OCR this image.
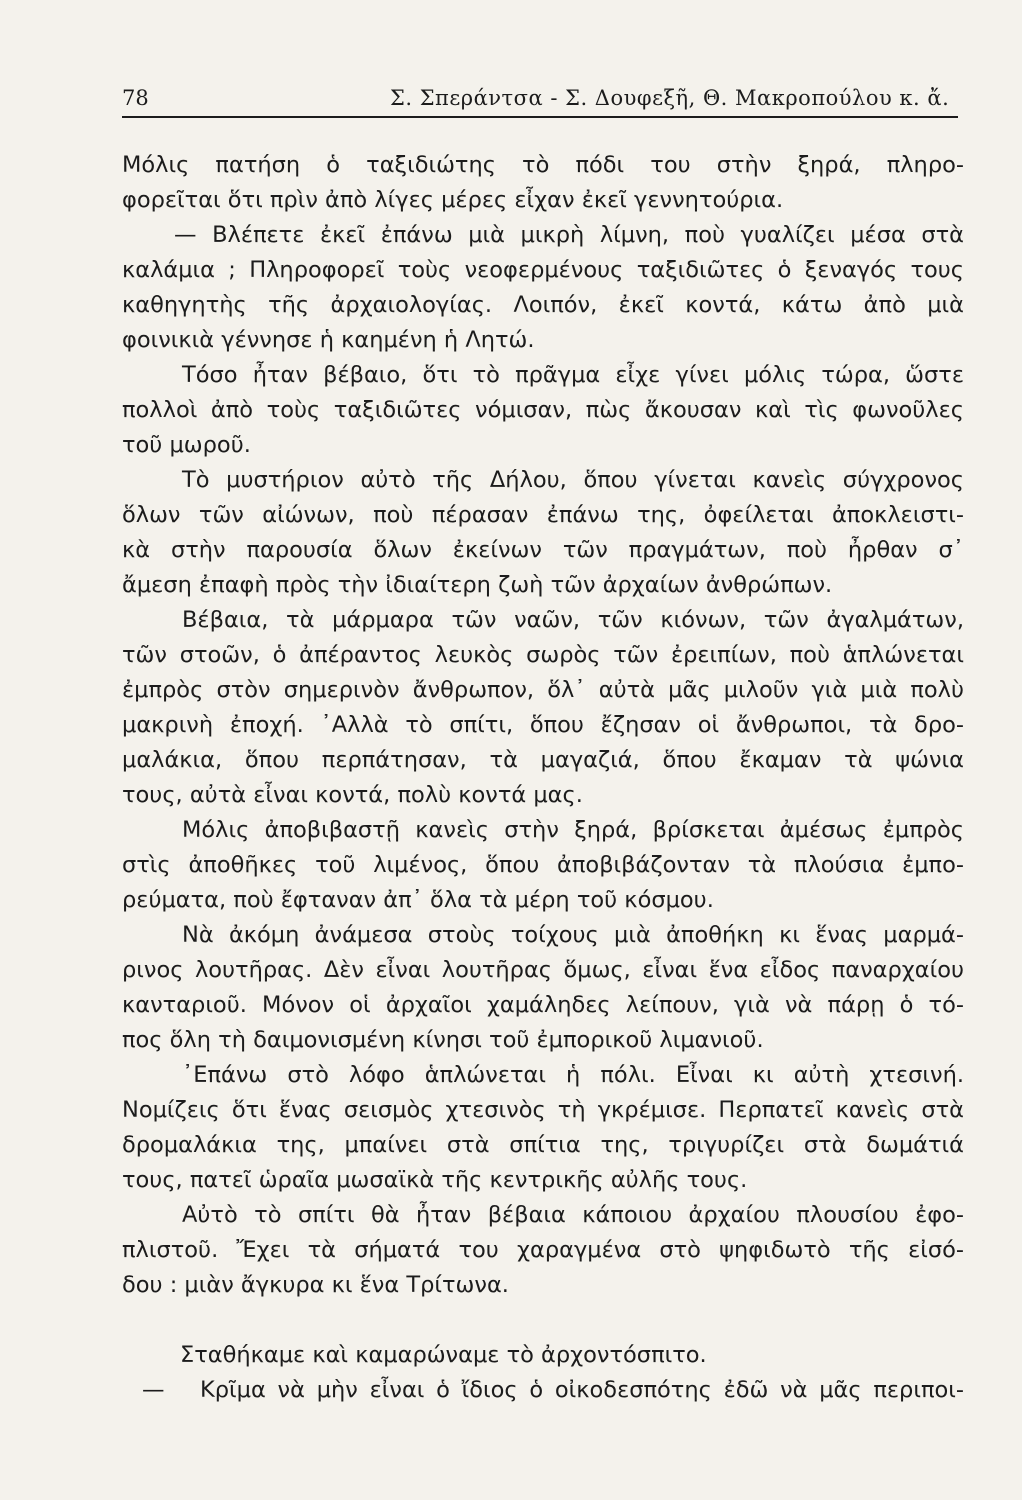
78	Σ. Σπεράντσα - Σ. Δουφεξῆ, Θ. Μακροπούλου κ. ἄ.
Μόλις πατήση ὁ ταξιδιώτης τὸ πόδι του στὴν ξηρά, πληρο-
φορεῖται ὅτι πρὶν ἀπὸ λίγες μέρες εἶχαν ἐκεῖ γεννητούρια.
— Βλέπετε ἐκεῖ ἐπάνω μιὰ μικρὴ λίμνη, ποὺ γυαλίζει μέσα στὰ
καλάμια ; Πληροφορεῖ τοὺς νεοφερμένους ταξιδιῶτες ὁ ξεναγός τους
καθηγητὴς τῆς ἀρχαιολογίας. Λοιπόν, ἐκεῖ κοντά, κάτω ἀπὸ μιὰ
φοινικιὰ γέννησε ἡ καημένη ἡ Λητώ.
Τόσο ἦταν βέβαιο, ὅτι τὸ πρᾶγμα εἶχε γίνει μόλις τώρα, ὥστε
πολλοὶ ἀπὸ τοὺς ταξιδιῶτες νόμισαν, πὼς ἄκουσαν καὶ τὶς φωνοῦλες
τοῦ μωροῦ.
Τὸ μυστήριον αὐτὸ τῆς Δήλου, ὅπου γίνεται κανεὶς σύγχρονος
ὅλων τῶν αἰώνων, ποὺ πέρασαν ἐπάνω της, ὀφείλεται ἀποκλειστι-
κὰ στὴν παρουσία ὅλων ἐκείνων τῶν πραγμάτων, ποὺ ἦρθαν σ᾿
ἄμεση ἐπαφὴ πρὸς τὴν ἰδιαίτερη ζωὴ τῶν ἀρχαίων ἀνθρώπων.
Βέβαια, τὰ μάρμαρα τῶν ναῶν, τῶν κιόνων, τῶν ἀγαλμάτων,
τῶν στοῶν, ὁ ἀπέραντος λευκὸς σωρὸς τῶν ἐρειπίων, ποὺ ἁπλώνεται
ἐμπρὸς στὸν σημερινὸν ἄνθρωπον, ὅλ᾿ αὐτὰ μᾶς μιλοῦν γιὰ μιὰ πολὺ
μακρινὴ ἐποχή. ᾿Αλλὰ τὸ σπίτι, ὅπου ἔζησαν οἱ ἄνθρωποι, τὰ δρο-
μαλάκια, ὅπου περπάτησαν, τὰ μαγαζιά, ὅπου ἔκαμαν τὰ ψώνια
τους, αὐτὰ εἶναι κοντά, πολὺ κοντά μας.
Μόλις ἀποβιβαστῇ κανεὶς στὴν ξηρά, βρίσκεται ἀμέσως ἐμπρὸς
στὶς ἀποθῆκες τοῦ λιμένος, ὅπου ἀποβιβάζονταν τὰ πλούσια ἐμπο-
ρεύματα, ποὺ ἔφταναν ἀπ᾿ ὅλα τὰ μέρη τοῦ κόσμου.
Νὰ ἀκόμη ἀνάμεσα στοὺς τοίχους μιὰ ἀποθήκη κι ἕνας μαρμά-
ρινος λουτῆρας. Δὲν εἶναι λουτῆρας ὅμως, εἶναι ἕνα εἶδος παναρχαίου
κανταριοῦ. Μόνον οἱ ἀρχαῖοι χαμάληδες λείπουν, γιὰ νὰ πάρῃ ὁ τό-
πος ὅλη τὴ δαιμονισμένη κίνησι τοῦ ἐμπορικοῦ λιμανιοῦ.
᾿Επάνω στὸ λόφο ἁπλώνεται ἡ πόλι. Εἶναι κι αὐτὴ χτεσινή.
Νομίζεις ὅτι ἕνας σεισμὸς χτεσινὸς τὴ γκρέμισε. Περπατεῖ κανεὶς στὰ
δρομαλάκια της, μπαίνει στὰ σπίτια της, τριγυρίζει στὰ δωμάτιά
τους, πατεῖ ὡραῖα μωσαϊκὰ τῆς κεντρικῆς αὐλῆς τους.
Αὐτὸ τὸ σπίτι θὰ ἦταν βέβαια κάποιου ἀρχαίου πλουσίου ἐφο-
πλιστοῦ. Ἔχει τὰ σήματά του χαραγμένα στὸ ψηφιδωτὸ τῆς εἰσό-
δου : μιὰν ἄγκυρα κι ἕνα Τρίτωνα.
Σταθήκαμε καὶ καμαρώναμε τὸ ἀρχοντόσπιτο.
—	Κρῖμα νὰ μὴν εἶναι ὁ ἴδιος ὁ οἰκοδεσπότης ἐδῶ νὰ μᾶς περιποι-
